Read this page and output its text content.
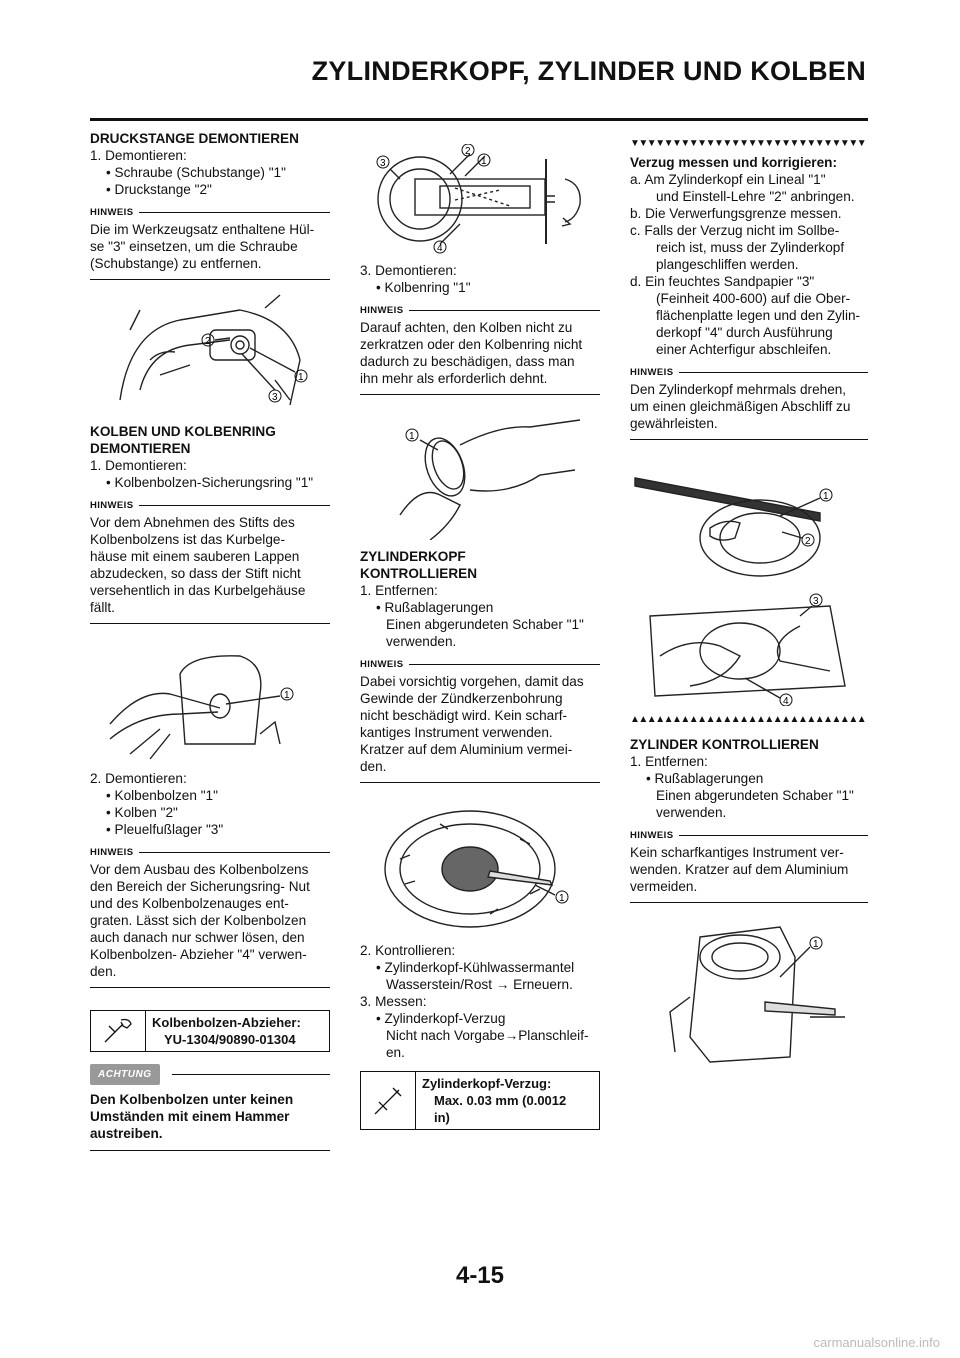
ZYLINDERKOPF, ZYLINDER UND KOLBEN

DRUCKSTANGE DEMONTIEREN

1. Demontieren:

• Schraube (Schubstange) "1"

• Druckstange "2"

HINWEIS

Die im Werkzeugsatz enthaltene Hül-
se "3" einsetzen, um die Schraube
(Schubstange) zu entfernen.

2
1
3

KOLBEN UND KOLBENRING
DEMONTIEREN

1. Demontieren:

• Kolbenbolzen-Sicherungsring "1"

HINWEIS

Vor dem Abnehmen des Stifts des
Kolbenbolzens ist das Kurbelge-
häuse mit einem sauberen Lappen
abzudecken, so dass der Stift nicht
versehentlich in das Kurbelgehäuse
fällt.

1

2. Demontieren:

• Kolbenbolzen "1"

• Kolben "2"

• Pleuelfußlager "3"

HINWEIS

Vor dem Ausbau des Kolbenbolzens
den Bereich der Sicherungsring- Nut
und des Kolbenbolzenauges ent-
graten. Lässt sich der Kolbenbolzen
auch danach nur schwer lösen, den
Kolbenbolzen- Abzieher "4" verwen-
den.

Kolbenbolzen-Abzieher:
YU-1304/90890-01304
ACHTUNG

Den Kolbenbolzen unter keinen
Umständen mit einem Hammer
austreiben.

3
2
1
4

3. Demontieren:

• Kolbenring "1"

HINWEIS

Darauf achten, den Kolben nicht zu
zerkratzen oder den Kolbenring nicht
dadurch zu beschädigen, dass man
ihn mehr als erforderlich dehnt.

1

ZYLINDERKOPF
KONTROLLIEREN

1. Entfernen:

• Rußablagerungen

Einen abgerundeten Schaber "1"

verwenden.

HINWEIS

Dabei vorsichtig vorgehen, damit das
Gewinde der Zündkerzenbohrung
nicht beschädigt wird. Kein scharf-
kantiges Instrument verwenden.
Kratzer auf dem Aluminium vermei-
den.

1

2. Kontrollieren:

• Zylinderkopf-Kühlwassermantel

Wasserstein/Rost → Erneuern.

3. Messen:

• Zylinderkopf-Verzug

Nicht nach Vorgabe→Planschleif-

en.

Zylinderkopf-Verzug:
Max. 0.03 mm (0.0012
in)
▼▼▼▼▼▼▼▼▼▼▼▼▼▼▼▼▼▼▼▼▼▼▼▼▼▼▼▼

Verzug messen und korrigieren:

a. Am Zylinderkopf ein Lineal "1"

und Einstell-Lehre "2" anbringen.

b. Die Verwerfungsgrenze messen.

c. Falls der Verzug nicht im Sollbe-

reich ist, muss der Zylinderkopf

plangeschliffen werden.

d. Ein feuchtes Sandpapier "3"

(Feinheit 400-600) auf die Ober-

flächenplatte legen und den Zylin-

derkopf "4" durch Ausführung

einer Achterfigur abschleifen.

HINWEIS

Den Zylinderkopf mehrmals drehen,
um einen gleichmäßigen Abschliff zu
gewährleisten.

1
2
3
4
▲▲▲▲▲▲▲▲▲▲▲▲▲▲▲▲▲▲▲▲▲▲▲▲▲▲▲▲

ZYLINDER KONTROLLIEREN

1. Entfernen:

• Rußablagerungen

Einen abgerundeten Schaber "1"

verwenden.

HINWEIS

Kein scharfkantiges Instrument ver-
wenden. Kratzer auf dem Aluminium
vermeiden.

1
4-15
carmanualsonline.info
